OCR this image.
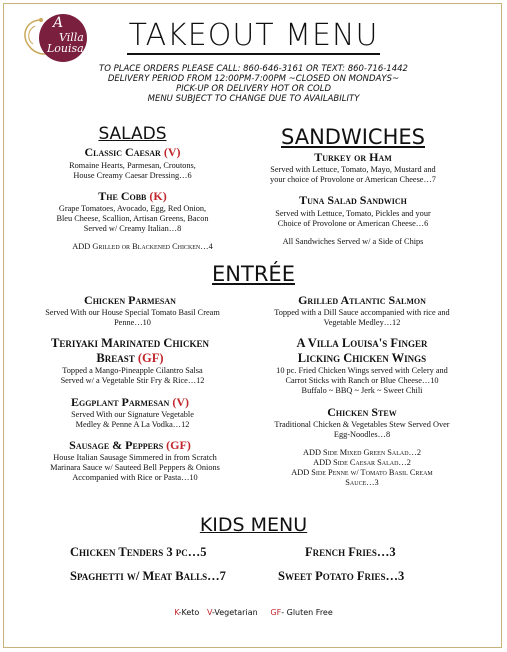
A
Villa
Louisa	TAKEOUT MENU
TO PLACE ORDERS PLEASE CALL: 860-646-3161 OR TEXT: 860-716-1442
DELIVERY PERIOD FROM 12:00PM-7:00PM ~CLOSED ON MONDAYS~
PICK-UP OR DELIVERY HOT OR COLD
MENU SUBJECT TO CHANGE DUE TO AVAILABILITY
SALADS
Classic Caesar (V)
Romaine Hearts, Parmesan, Croutons,
House Creamy Caesar Dressing…6
The Cobb (K)
Grape Tomatoes, Avocado, Egg, Red Onion,
Bleu Cheese, Scallion, Artisan Greens, Bacon
Served w/ Creamy Italian…8
ADD Grilled or Blackened Chicken…4
SANDWICHES
Turkey or Ham
Served with Lettuce, Tomato, Mayo, Mustard and
your choice of Provolone or American Cheese…7
Tuna Salad Sandwich
Served with Lettuce, Tomato, Pickles and your
Choice of Provolone or American Cheese…6
All Sandwiches Served w/ a Side of Chips
ENTRÉE
Chicken Parmesan
Served With our House Special Tomato Basil Cream
Penne…10
Teriyaki Marinated Chicken
Breast (GF)
Topped a Mango-Pineapple Cilantro Salsa
Served w/ a Vegetable Stir Fry & Rice…12
Eggplant Parmesan (V)
Served With our Signature Vegetable
Medley & Penne A La Vodka…12
Sausage & Peppers (GF)
House Italian Sausage Simmered in from Scratch
Marinara Sauce w/ Sauteed Bell Peppers & Onions
Accompanied with Rice or Pasta…10
Grilled Atlantic Salmon
Topped with a Dill Sauce accompanied with rice and
Vegetable Medley…12
A Villa Louisa's Finger
Licking Chicken Wings
10 pc. Fried Chicken Wings served with Celery and
Carrot Sticks with Ranch or Blue Cheese…10
Buffalo ~ BBQ ~ Jerk ~ Sweet Chili
Chicken Stew
Traditional Chicken & Vegetables Stew Served Over
Egg-Noodles…8
ADD Side Mixed Green Salad…2
ADD Side Caesar Salad…2
ADD Side Penne w/ Tomato Basil Cream
Sauce…3
KIDS MENU
Chicken Tenders 3 pc…5
Spaghetti w/ Meat Balls…7
French Fries…3
Sweet Potato Fries…3
K-Keto V-Vegetarian GF- Gluten Free
